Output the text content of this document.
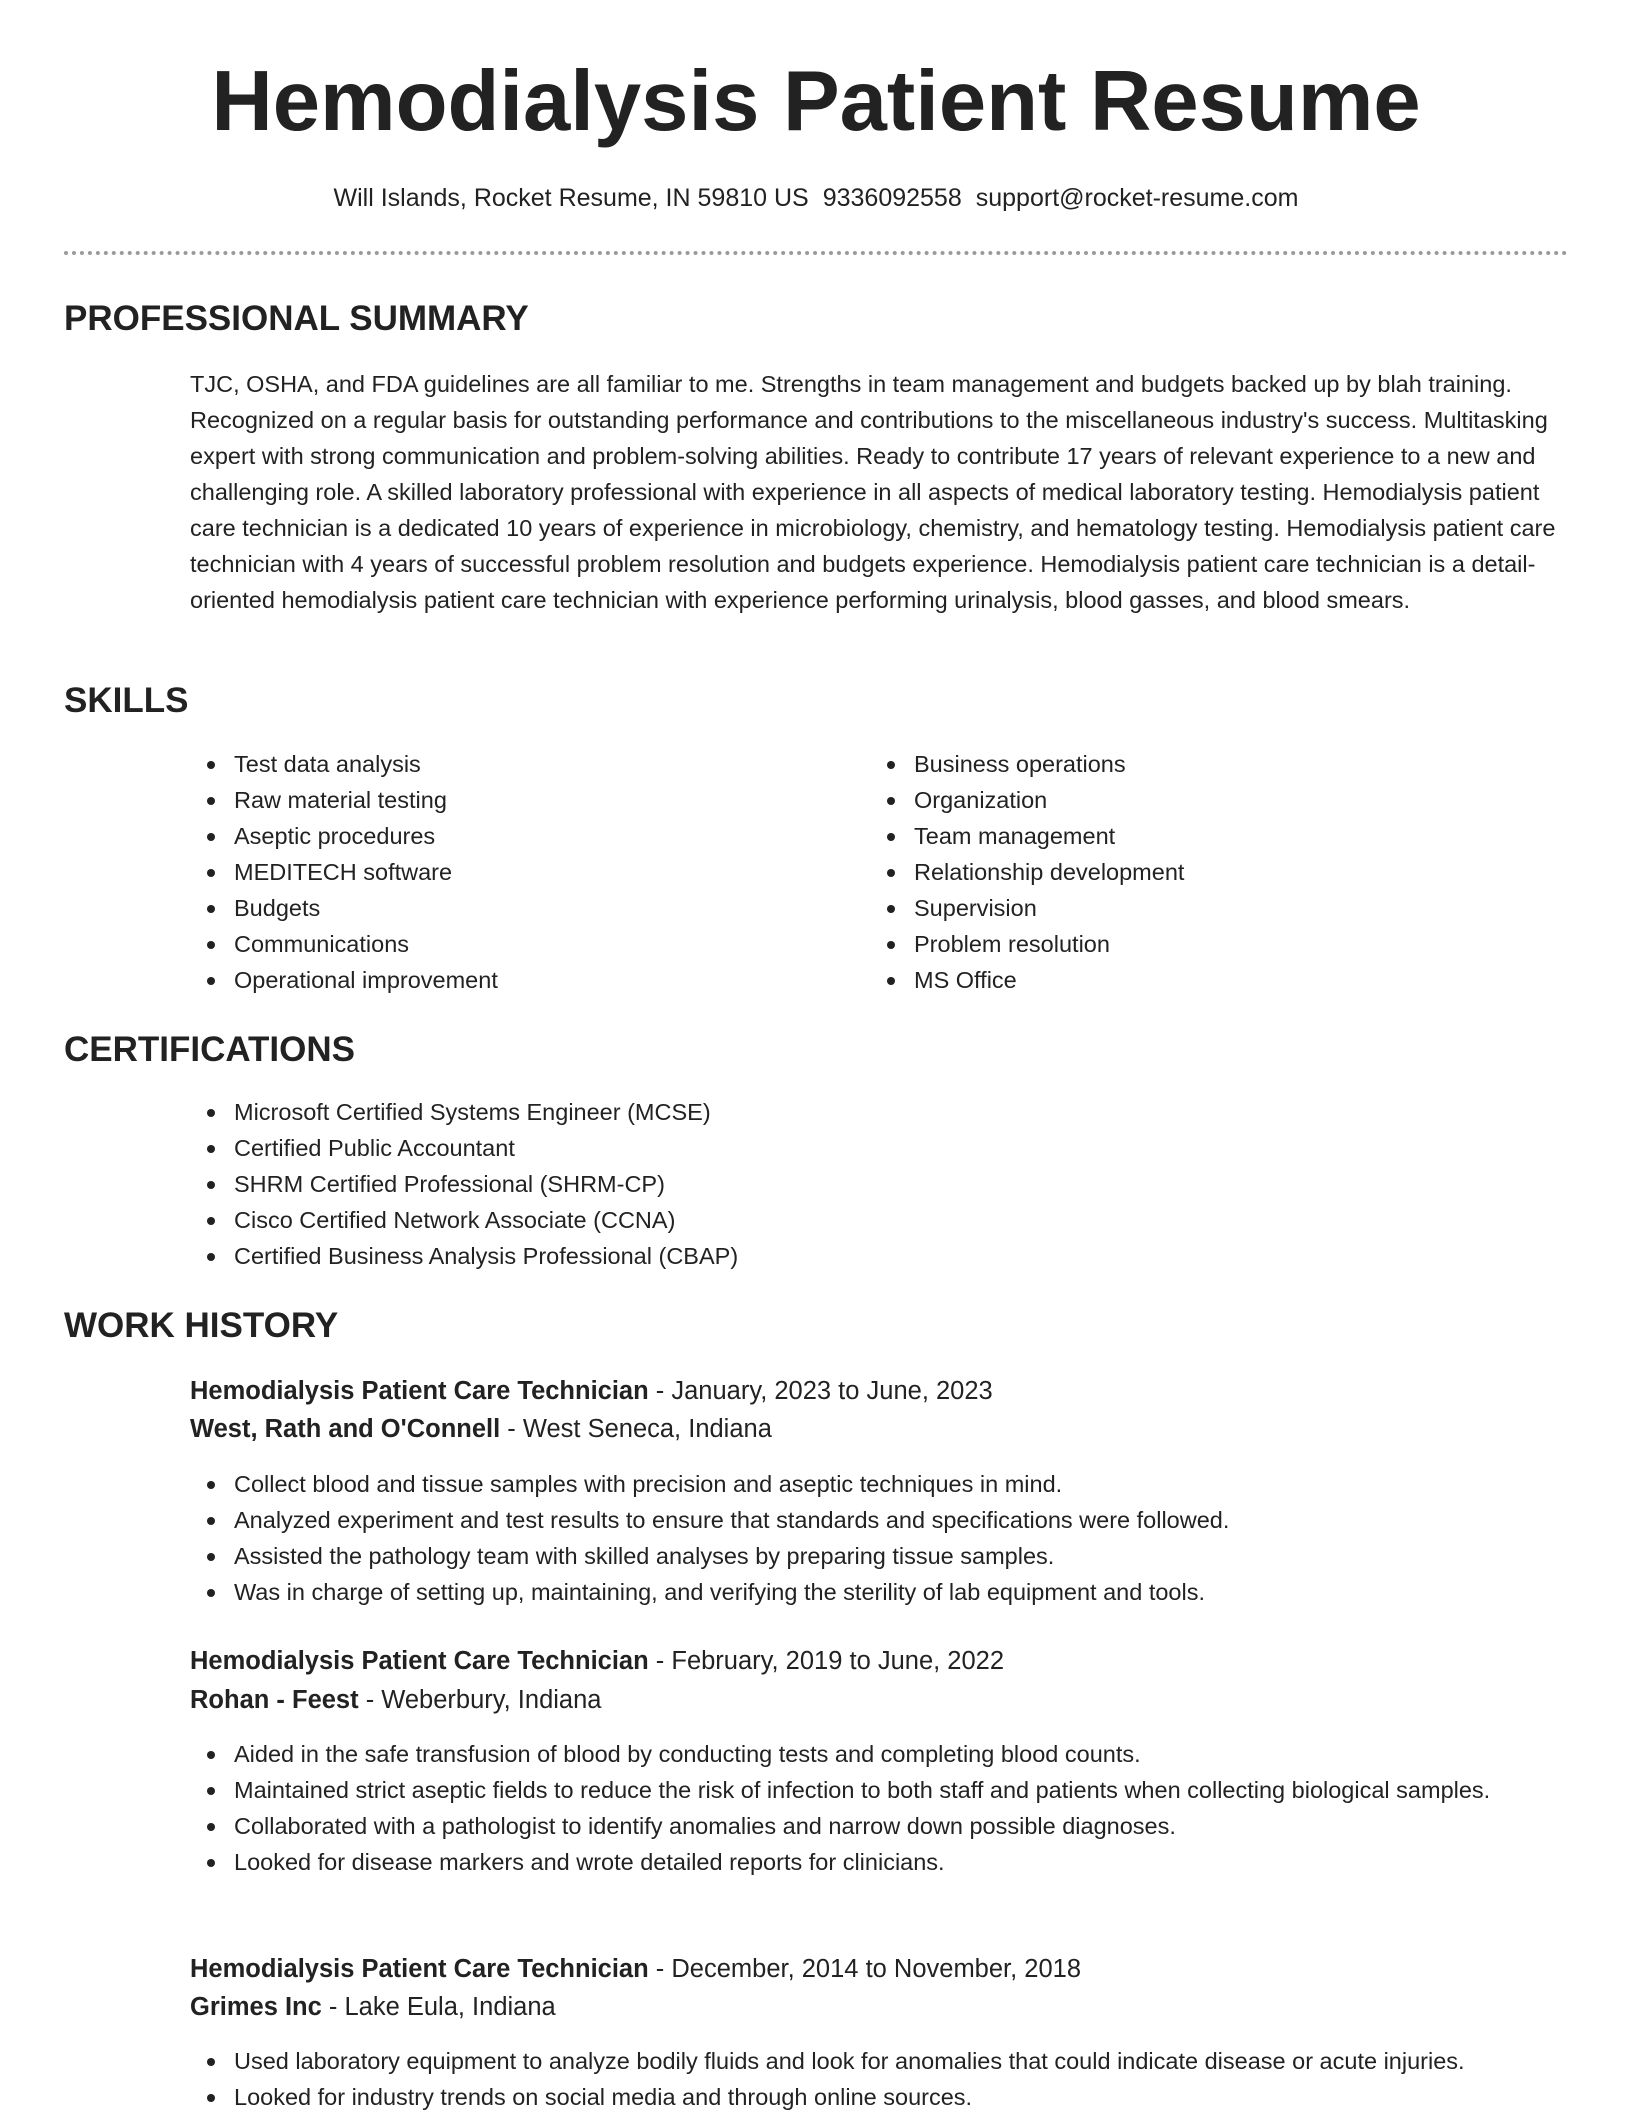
Hemodialysis Patient Resume
Will Islands, Rocket Resume, IN 59810 US 9336092558 support@rocket-resume.com
PROFESSIONAL SUMMARY

TJC, OSHA, and FDA guidelines are all familiar to me. Strengths in team management and budgets backed up by blah training. Recognized on a regular basis for outstanding performance and contributions to the miscellaneous industry's success. Multitasking expert with strong communication and problem-solving abilities. Ready to contribute 17 years of relevant experience to a new and challenging role. A skilled laboratory professional with experience in all aspects of medical laboratory testing. Hemodialysis patient care technician is a dedicated 10 years of experience in microbiology, chemistry, and hematology testing. Hemodialysis patient care technician with 4 years of successful problem resolution and budgets experience. Hemodialysis patient care technician is a detail-oriented hemodialysis patient care technician with experience performing urinalysis, blood gasses, and blood smears.

SKILLS
Test data analysis
Raw material testing
Aseptic procedures
MEDITECH software
Budgets
Communications
Operational improvement
Business operations
Organization
Team management
Relationship development
Supervision
Problem resolution
MS Office
CERTIFICATIONS
Microsoft Certified Systems Engineer (MCSE)
Certified Public Accountant
SHRM Certified Professional (SHRM-CP)
Cisco Certified Network Associate (CCNA)
Certified Business Analysis Professional (CBAP)
WORK HISTORY
Hemodialysis Patient Care Technician - January, 2023 to June, 2023
West, Rath and O'Connell - West Seneca, Indiana
Collect blood and tissue samples with precision and aseptic techniques in mind.
Analyzed experiment and test results to ensure that standards and specifications were followed.
Assisted the pathology team with skilled analyses by preparing tissue samples.
Was in charge of setting up, maintaining, and verifying the sterility of lab equipment and tools.
Hemodialysis Patient Care Technician - February, 2019 to June, 2022
Rohan - Feest - Weberbury, Indiana
Aided in the safe transfusion of blood by conducting tests and completing blood counts.
Maintained strict aseptic fields to reduce the risk of infection to both staff and patients when collecting biological samples.
Collaborated with a pathologist to identify anomalies and narrow down possible diagnoses.
Looked for disease markers and wrote detailed reports for clinicians.
Hemodialysis Patient Care Technician - December, 2014 to November, 2018
Grimes Inc - Lake Eula, Indiana
Used laboratory equipment to analyze bodily fluids and look for anomalies that could indicate disease or acute injuries.
Looked for industry trends on social media and through online sources.
